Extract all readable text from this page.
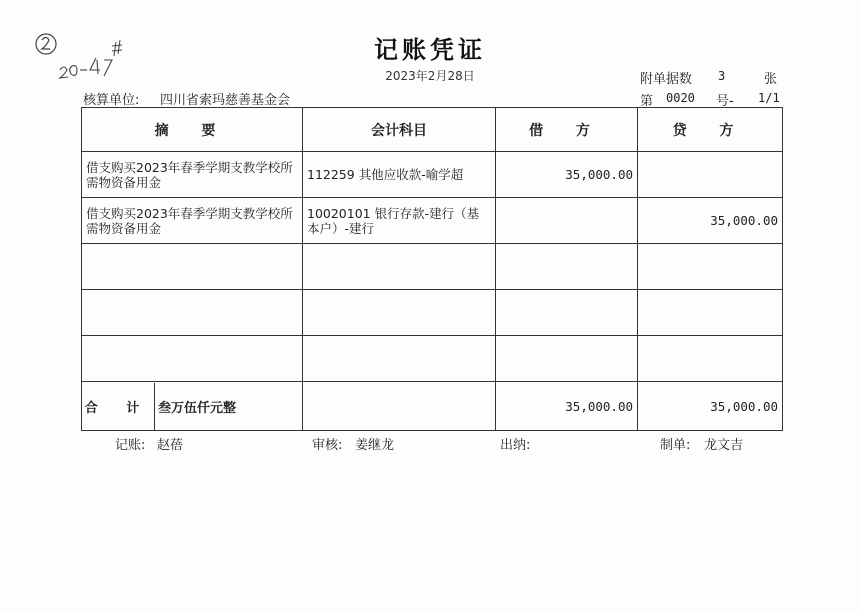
记账凭证
2023年2月28日	附单据数 3	张
核算单位: 四川省索玛慈善基金会	第 0020 号- 1/1
摘 要	会计科目	借 方	贷 方
借支购买2023年春季学期支教学校所需物资备用金	112259 其他应收款-喻学超	35,000.00	
借支购买2023年春季学期支教学校所需物资备用金	10020101 银行存款-建行（基本户）-建行		35,000.00

合 计 叁万伍仟元整		35,000.00	35,000.00
记账: 赵蓓	审核: 姜继龙	出纳:	制单: 龙文吉
